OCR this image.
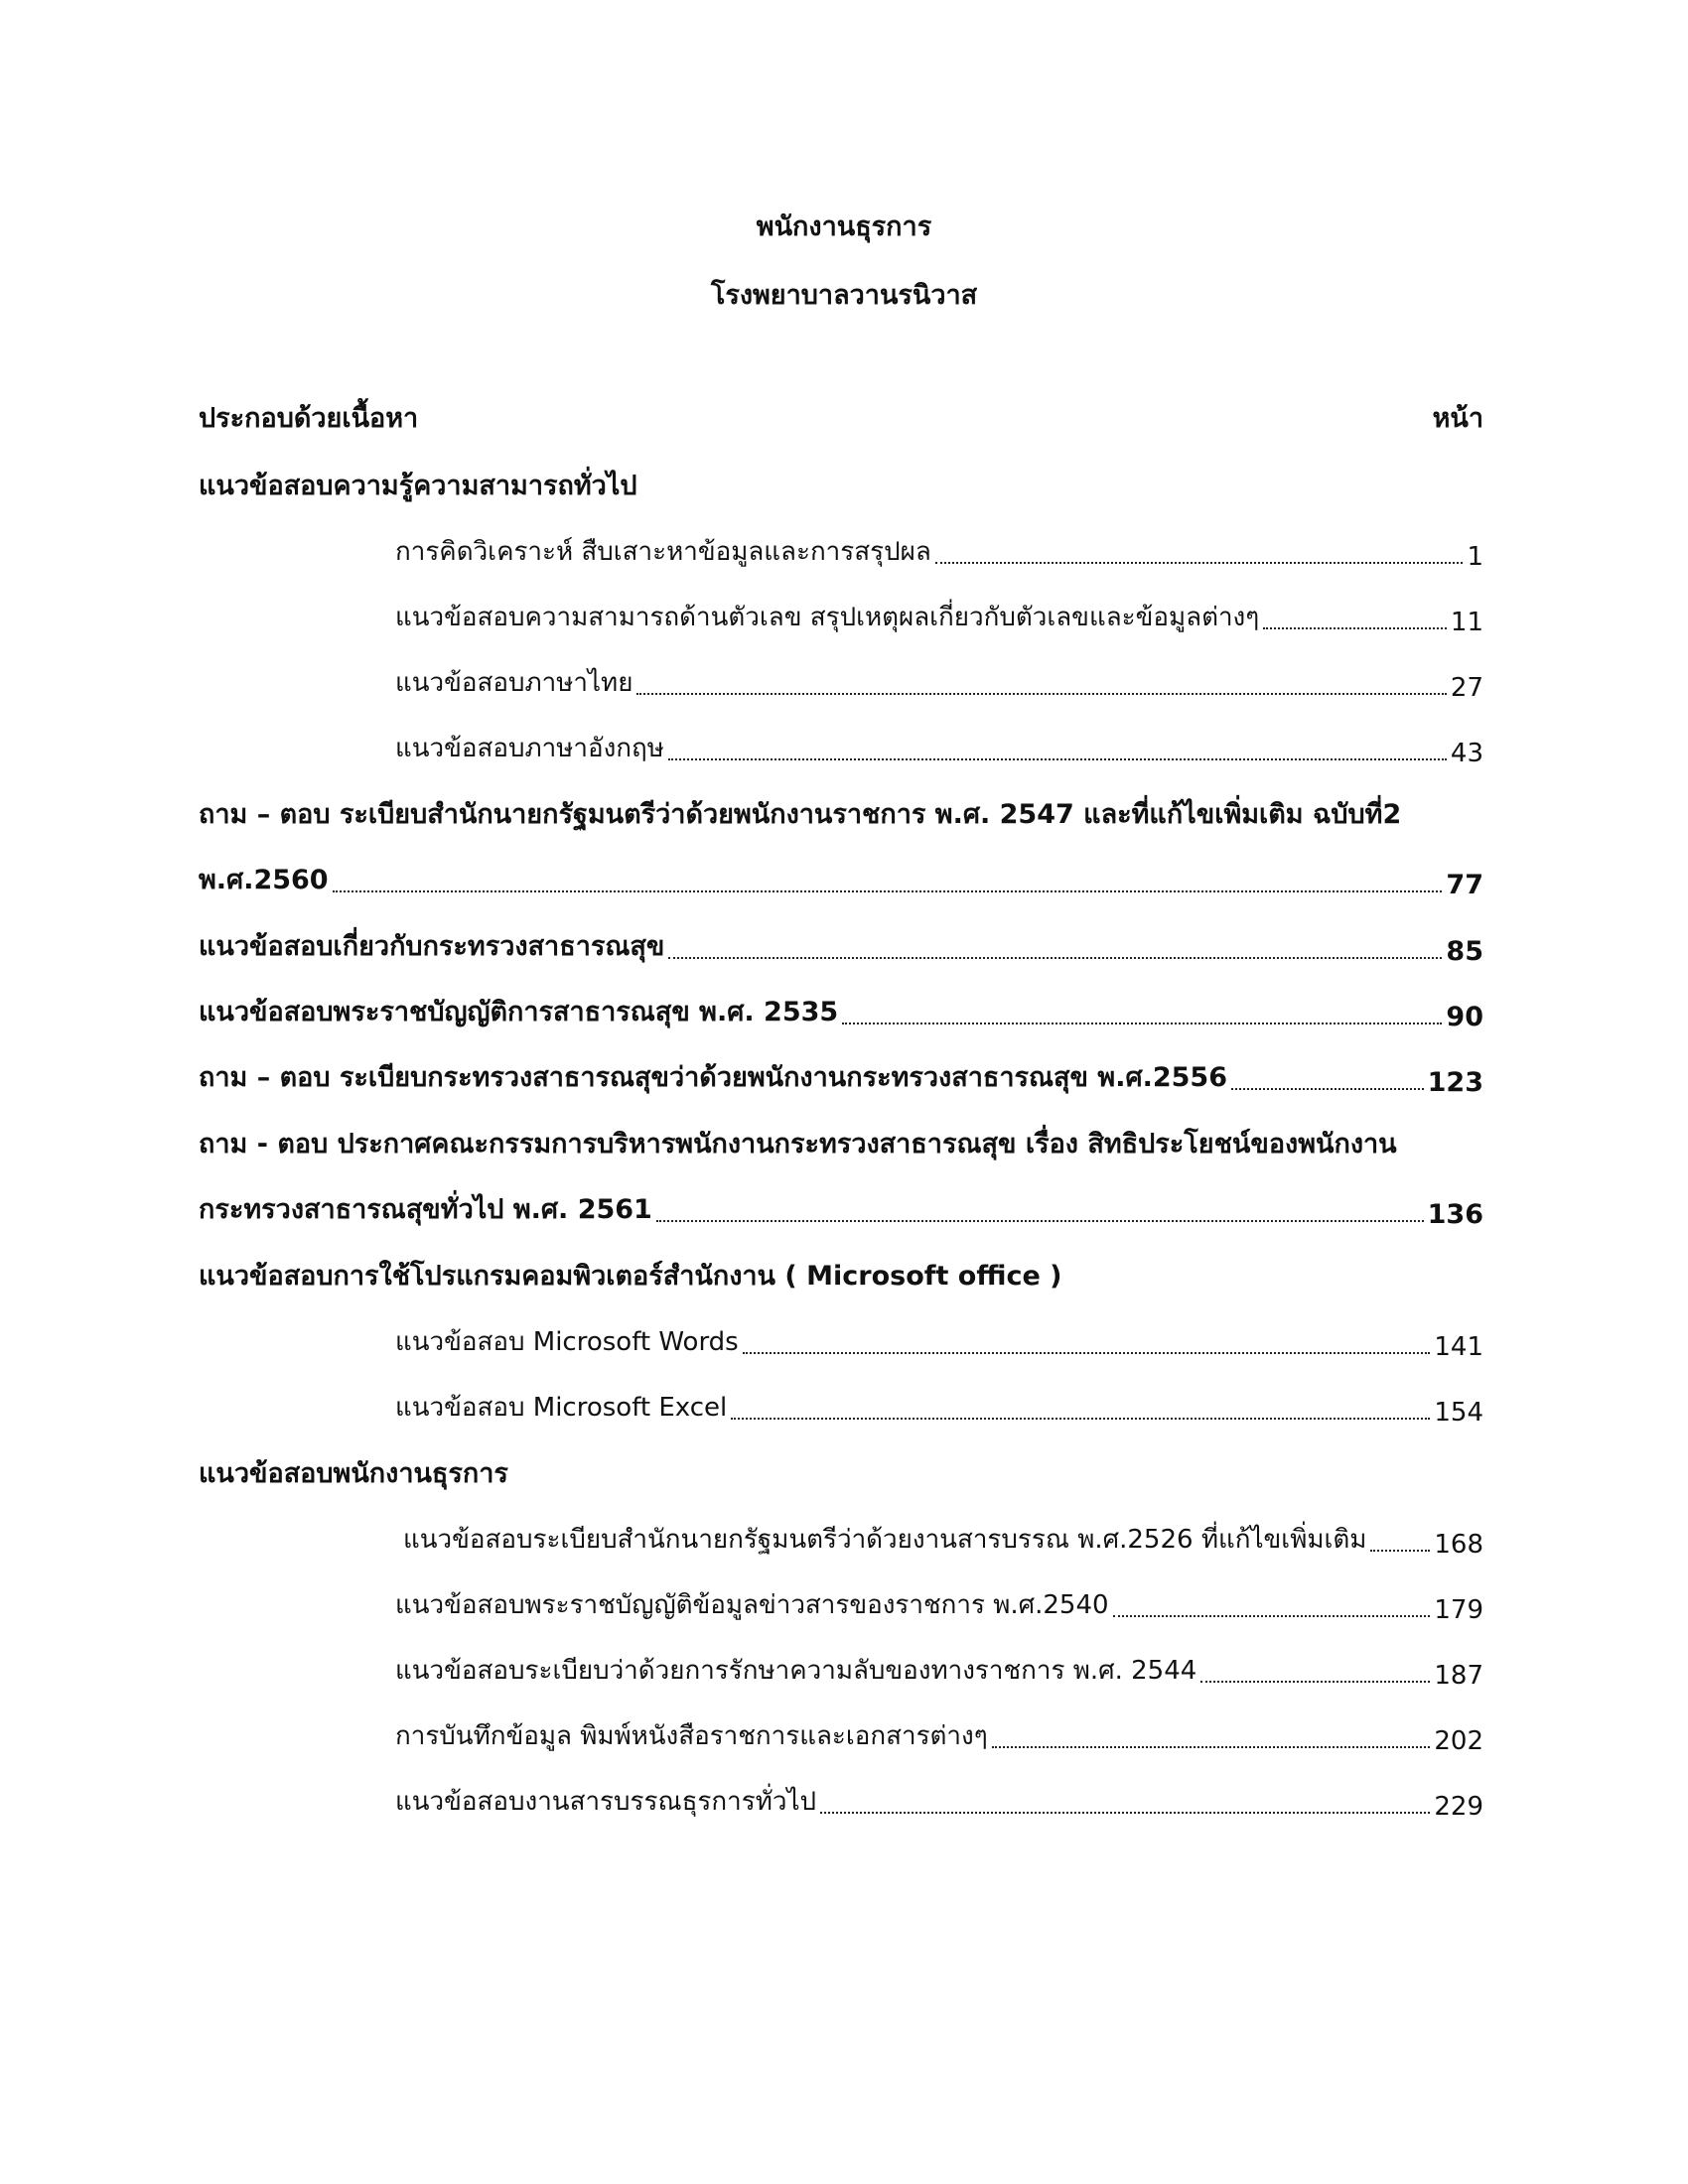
พนักงานธุรการ
โรงพยาบาลวานรนิวาส
ประกอบด้วยเนื้อหา	หน้า
แนวข้อสอบความรู้ความสามารถทั่วไป
การคิดวิเคราะห์ สืบเสาะหาข้อมูลและการสรุปผล	1
แนวข้อสอบความสามารถด้านตัวเลข สรุปเหตุผลเกี่ยวกับตัวเลขและข้อมูลต่างๆ	11
แนวข้อสอบภาษาไทย	27
แนวข้อสอบภาษาอังกฤษ	43
ถาม – ตอบ ระเบียบสำนักนายกรัฐมนตรีว่าด้วยพนักงานราชการ พ.ศ. 2547 และที่แก้ไขเพิ่มเติม ฉบับที่2
พ.ศ.2560	77
แนวข้อสอบเกี่ยวกับกระทรวงสาธารณสุข	85
แนวข้อสอบพระราชบัญญัติการสาธารณสุข พ.ศ. 2535	90
ถาม – ตอบ ระเบียบกระทรวงสาธารณสุขว่าด้วยพนักงานกระทรวงสาธารณสุข พ.ศ.2556	123
ถาม - ตอบ ประกาศคณะกรรมการบริหารพนักงานกระทรวงสาธารณสุข เรื่อง สิทธิประโยชน์ของพนักงาน
กระทรวงสาธารณสุขทั่วไป พ.ศ. 2561	136
แนวข้อสอบการใช้โปรแกรมคอมพิวเตอร์สำนักงาน ( Microsoft office )
แนวข้อสอบ Microsoft Words	141
แนวข้อสอบ Microsoft Excel	154
แนวข้อสอบพนักงานธุรการ
แนวข้อสอบระเบียบสำนักนายกรัฐมนตรีว่าด้วยงานสารบรรณ พ.ศ.2526 ที่แก้ไขเพิ่มเติม	168
แนวข้อสอบพระราชบัญญัติข้อมูลข่าวสารของราชการ พ.ศ.2540	179
แนวข้อสอบระเบียบว่าด้วยการรักษาความลับของทางราชการ พ.ศ. 2544	187
การบันทึกข้อมูล พิมพ์หนังสือราชการและเอกสารต่างๆ	202
แนวข้อสอบงานสารบรรณธุรการทั่วไป	229
